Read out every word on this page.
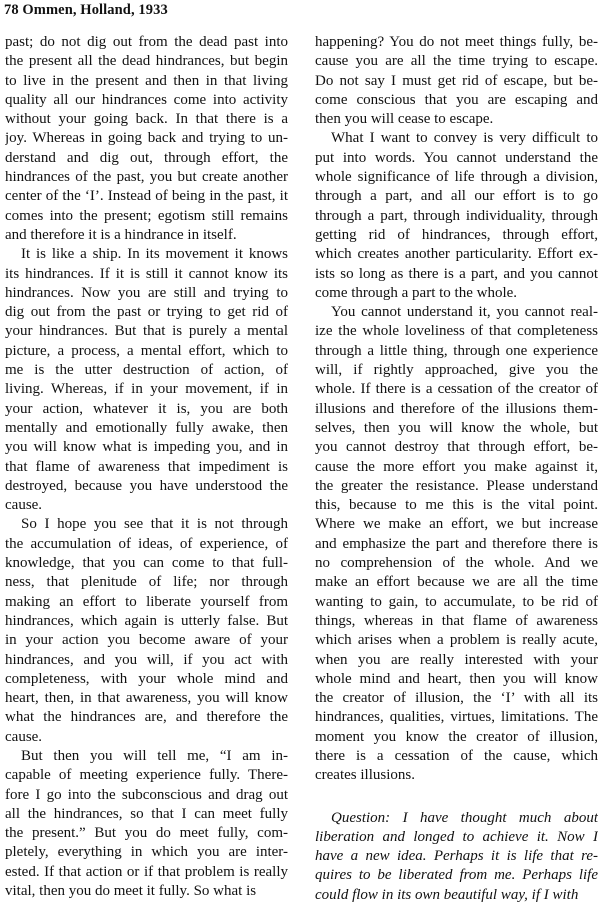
78 Ommen, Holland, 1933
past; do not dig out from the dead past into
the present all the dead hindrances, but begin
to live in the present and then in that living
quality all our hindrances come into activity
without your going back. In that there is a
joy. Whereas in going back and trying to un-
derstand and dig out, through effort, the
hindrances of the past, you but create another
center of the ‘I’. Instead of being in the past, it
comes into the present; egotism still remains
and therefore it is a hindrance in itself.
It is like a ship. In its movement it knows
its hindrances. If it is still it cannot know its
hindrances. Now you are still and trying to
dig out from the past or trying to get rid of
your hindrances. But that is purely a mental
picture, a process, a mental effort, which to
me is the utter destruction of action, of
living. Whereas, if in your movement, if in
your action, whatever it is, you are both
mentally and emotionally fully awake, then
you will know what is impeding you, and in
that flame of awareness that impediment is
destroyed, because you have understood the
cause.
So I hope you see that it is not through
the accumulation of ideas, of experience, of
knowledge, that you can come to that full-
ness, that plenitude of life; nor through
making an effort to liberate yourself from
hindrances, which again is utterly false. But
in your action you become aware of your
hindrances, and you will, if you act with
completeness, with your whole mind and
heart, then, in that awareness, you will know
what the hindrances are, and therefore the
cause.
But then you will tell me, “I am in-
capable of meeting experience fully. There-
fore I go into the subconscious and drag out
all the hindrances, so that I can meet fully
the present.” But you do meet fully, com-
pletely, everything in which you are inter-
ested. If that action or if that problem is really
vital, then you do meet it fully. So what is
happening? You do not meet things fully, be-
cause you are all the time trying to escape.
Do not say I must get rid of escape, but be-
come conscious that you are escaping and
then you will cease to escape.
What I want to convey is very difficult to
put into words. You cannot understand the
whole significance of life through a division,
through a part, and all our effort is to go
through a part, through individuality, through
getting rid of hindrances, through effort,
which creates another particularity. Effort ex-
ists so long as there is a part, and you cannot
come through a part to the whole.
You cannot understand it, you cannot real-
ize the whole loveliness of that completeness
through a little thing, through one experience
will, if rightly approached, give you the
whole. If there is a cessation of the creator of
illusions and therefore of the illusions them-
selves, then you will know the whole, but
you cannot destroy that through effort, be-
cause the more effort you make against it,
the greater the resistance. Please understand
this, because to me this is the vital point.
Where we make an effort, we but increase
and emphasize the part and therefore there is
no comprehension of the whole. And we
make an effort because we are all the time
wanting to gain, to accumulate, to be rid of
things, whereas in that flame of awareness
which arises when a problem is really acute,
when you are really interested with your
whole mind and heart, then you will know
the creator of illusion, the ‘I’ with all its
hindrances, qualities, virtues, limitations. The
moment you know the creator of illusion,
there is a cessation of the cause, which
creates illusions.
Question: I have thought much about
liberation and longed to achieve it. Now I
have a new idea. Perhaps it is life that re-
quires to be liberated from me. Perhaps life
could flow in its own beautiful way, if I with
